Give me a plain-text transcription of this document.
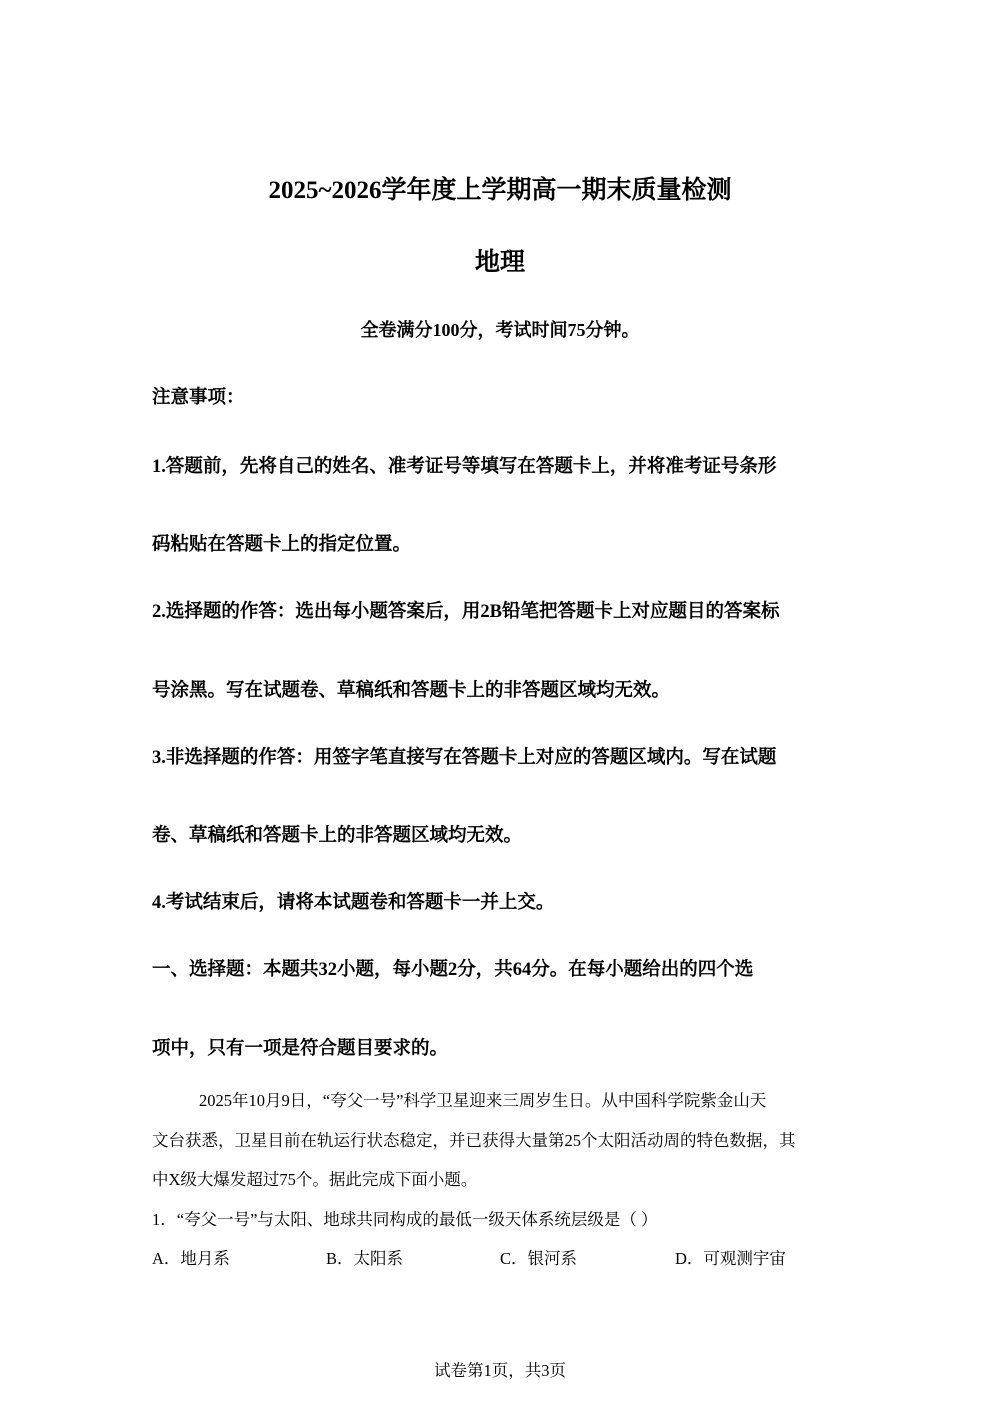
2025~2026学年度上学期高一期末质量检测
地理
全卷满分100分，考试时间75分钟。
注意事项：
1.答题前，先将自己的姓名、准考证号等填写在答题卡上，并将准考证号条形
码粘贴在答题卡上的指定位置。
2.选择题的作答：选出每小题答案后，用2B铅笔把答题卡上对应题目的答案标
号涂黑。写在试题卷、草稿纸和答题卡上的非答题区域均无效。
3.非选择题的作答：用签字笔直接写在答题卡上对应的答题区域内。写在试题
卷、草稿纸和答题卡上的非答题区域均无效。
4.考试结束后，请将本试题卷和答题卡一并上交。
一、选择题：本题共32小题，每小题2分，共64分。在每小题给出的四个选
项中，只有一项是符合题目要求的。
2025年10月9日，“夸父一号”科学卫星迎来三周岁生日。从中国科学院紫金山天
文台获悉，卫星目前在轨运行状态稳定，并已获得大量第25个太阳活动周的特色数据，其
中X级大爆发超过75个。据此完成下面小题。
1．“夸父一号”与太阳、地球共同构成的最低一级天体系统层级是（ ）
A．地月系	B．太阳系	C．银河系	D．可观测宇宙
试卷第1页，共3页
